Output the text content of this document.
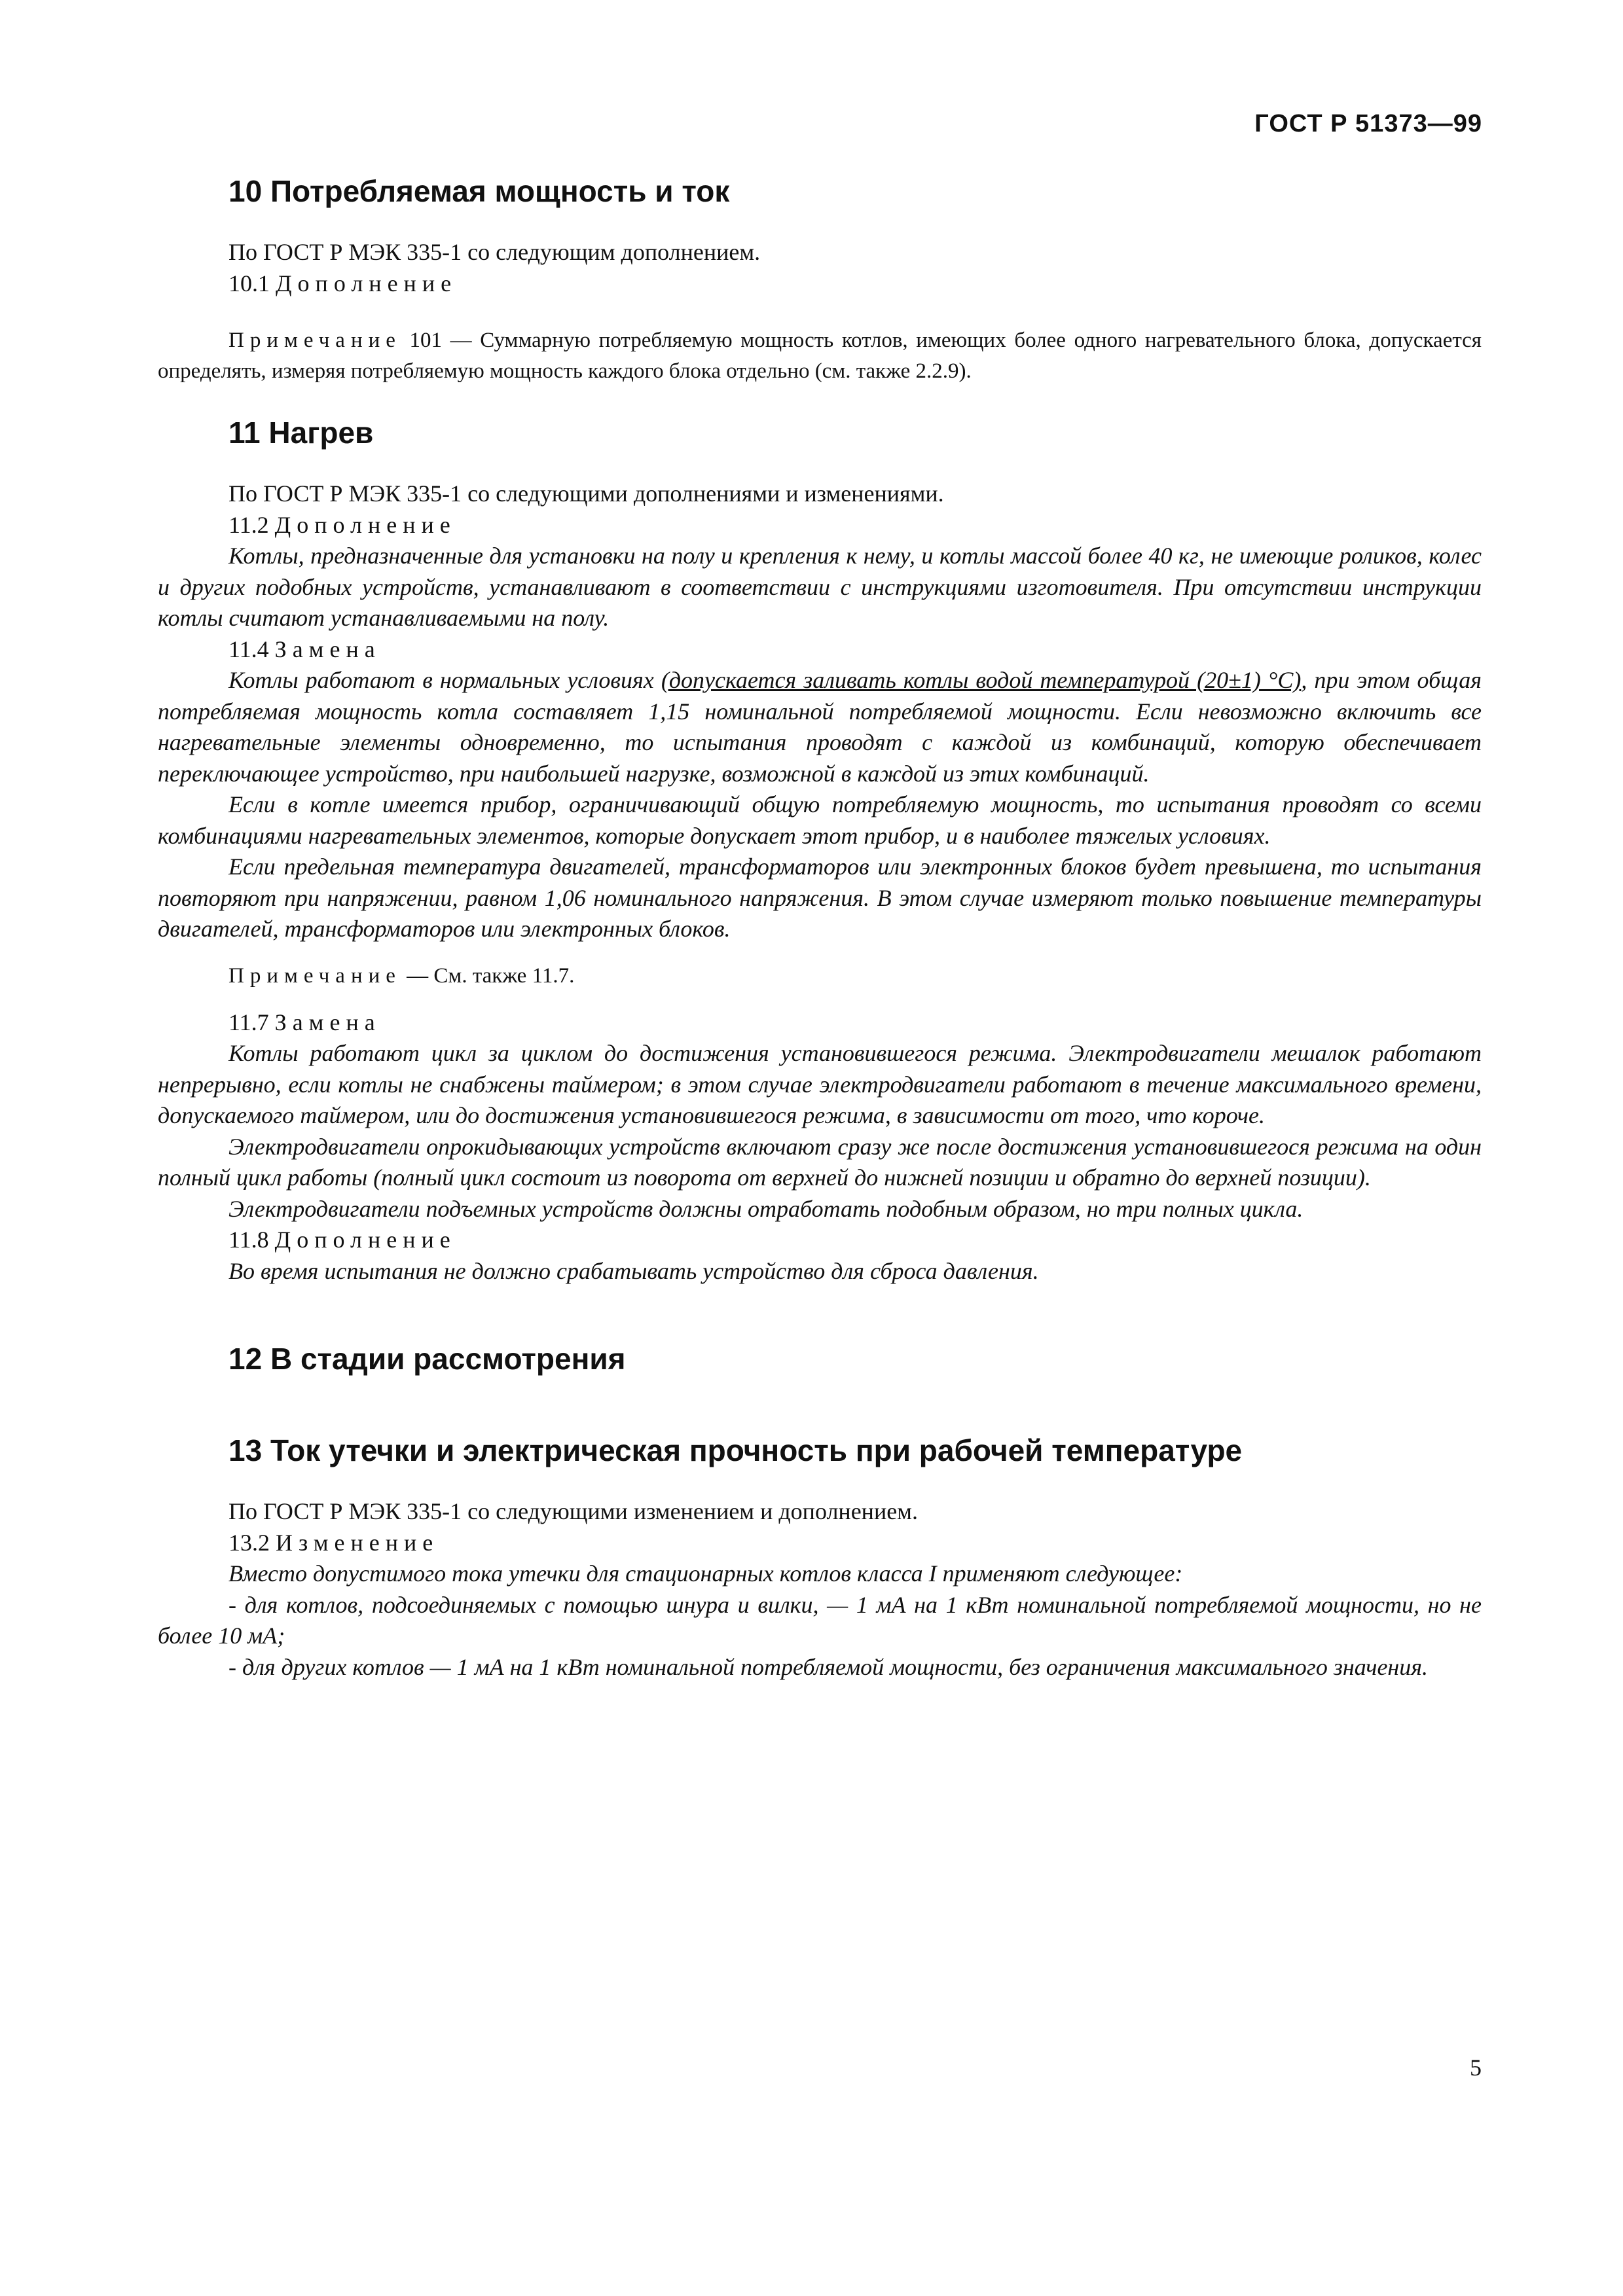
ГОСТ Р 51373—99
10 Потребляемая мощность и ток

По ГОСТ Р МЭК 335-1 со следующим дополнением.

10.1 Дополнение

Примечание 101 — Суммарную потребляемую мощность котлов, имеющих более одного нагревательного блока, допускается определять, измеряя потребляемую мощность каждого блока отдельно (см. также 2.2.9).

11 Нагрев

По ГОСТ Р МЭК 335-1 со следующими дополнениями и изменениями.

11.2 Дополнение

Котлы, предназначенные для установки на полу и крепления к нему, и котлы массой более 40 кг, не имеющие роликов, колес и других подобных устройств, устанавливают в соответствии с инструкциями изготовителя. При отсутствии инструкции котлы считают устанавливаемыми на полу.

11.4 Замена

Котлы работают в нормальных условиях (допускается заливать котлы водой температурой (20±1) °С), при этом общая потребляемая мощность котла составляет 1,15 номинальной потребляемой мощности. Если невозможно включить все нагревательные элементы одновременно, то испытания проводят с каждой из комбинаций, которую обеспечивает переключающее устройство, при наибольшей нагрузке, возможной в каждой из этих комбинаций.

Если в котле имеется прибор, ограничивающий общую потребляемую мощность, то испытания проводят со всеми комбинациями нагревательных элементов, которые допускает этот прибор, и в наиболее тяжелых условиях.

Если предельная температура двигателей, трансформаторов или электронных блоков будет превышена, то испытания повторяют при напряжении, равном 1,06 номинального напряжения. В этом случае измеряют только повышение температуры двигателей, трансформаторов или электронных блоков.

Примечание — См. также 11.7.

11.7 Замена

Котлы работают цикл за циклом до достижения установившегося режима. Электродвигатели мешалок работают непрерывно, если котлы не снабжены таймером; в этом случае электродвигатели работают в течение максимального времени, допускаемого таймером, или до достижения установившегося режима, в зависимости от того, что короче.

Электродвигатели опрокидывающих устройств включают сразу же после достижения установившегося режима на один полный цикл работы (полный цикл состоит из поворота от верхней до нижней позиции и обратно до верхней позиции).

Электродвигатели подъемных устройств должны отработать подобным образом, но три полных цикла.

11.8 Дополнение

Во время испытания не должно срабатывать устройство для сброса давления.

12 В стадии рассмотрения
13 Ток утечки и электрическая прочность при рабочей температуре

По ГОСТ Р МЭК 335-1 со следующими изменением и дополнением.

13.2 Изменение

Вместо допустимого тока утечки для стационарных котлов класса I применяют следующее:

- для котлов, подсоединяемых с помощью шнура и вилки, — 1 мА на 1 кВт номинальной потребляемой мощности, но не более 10 мА;

- для других котлов — 1 мА на 1 кВт номинальной потребляемой мощности, без ограничения максимального значения.

5
